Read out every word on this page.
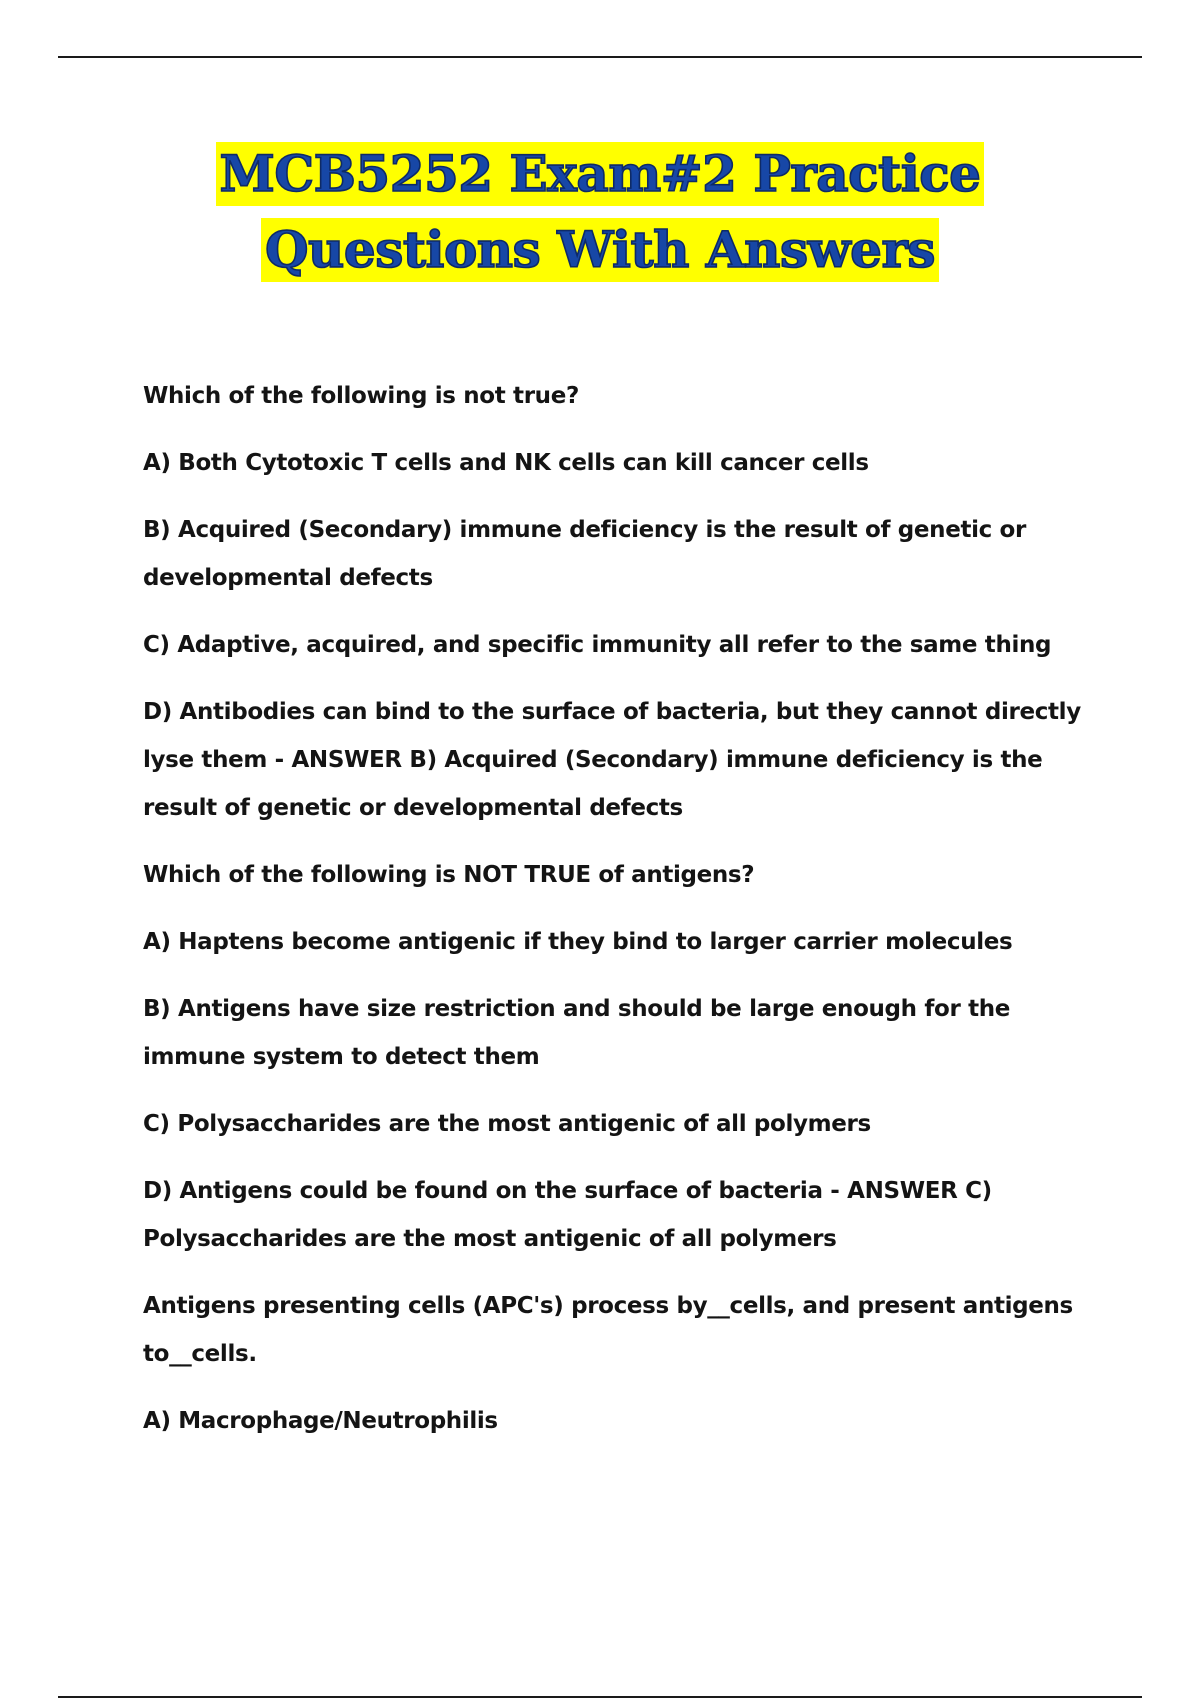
MCB5252 Exam#2 Practice
Questions With Answers

Which of the following is not true?

A) Both Cytotoxic T cells and NK cells can kill cancer cells

B) Acquired (Secondary) immune deficiency is the result of genetic or developmental defects

C) Adaptive, acquired, and specific immunity all refer to the same thing

D) Antibodies can bind to the surface of bacteria, but they cannot directly lyse them - ANSWER B) Acquired (Secondary) immune deficiency is the result of genetic or developmental defects

Which of the following is NOT TRUE of antigens?

A) Haptens become antigenic if they bind to larger carrier molecules

B) Antigens have size restriction and should be large enough for the immune system to detect them

C) Polysaccharides are the most antigenic of all polymers

D) Antigens could be found on the surface of bacteria - ANSWER C) Polysaccharides are the most antigenic of all polymers

Antigens presenting cells (APC's) process by__cells, and present antigens to__cells.

A) Macrophage/Neutrophilis
